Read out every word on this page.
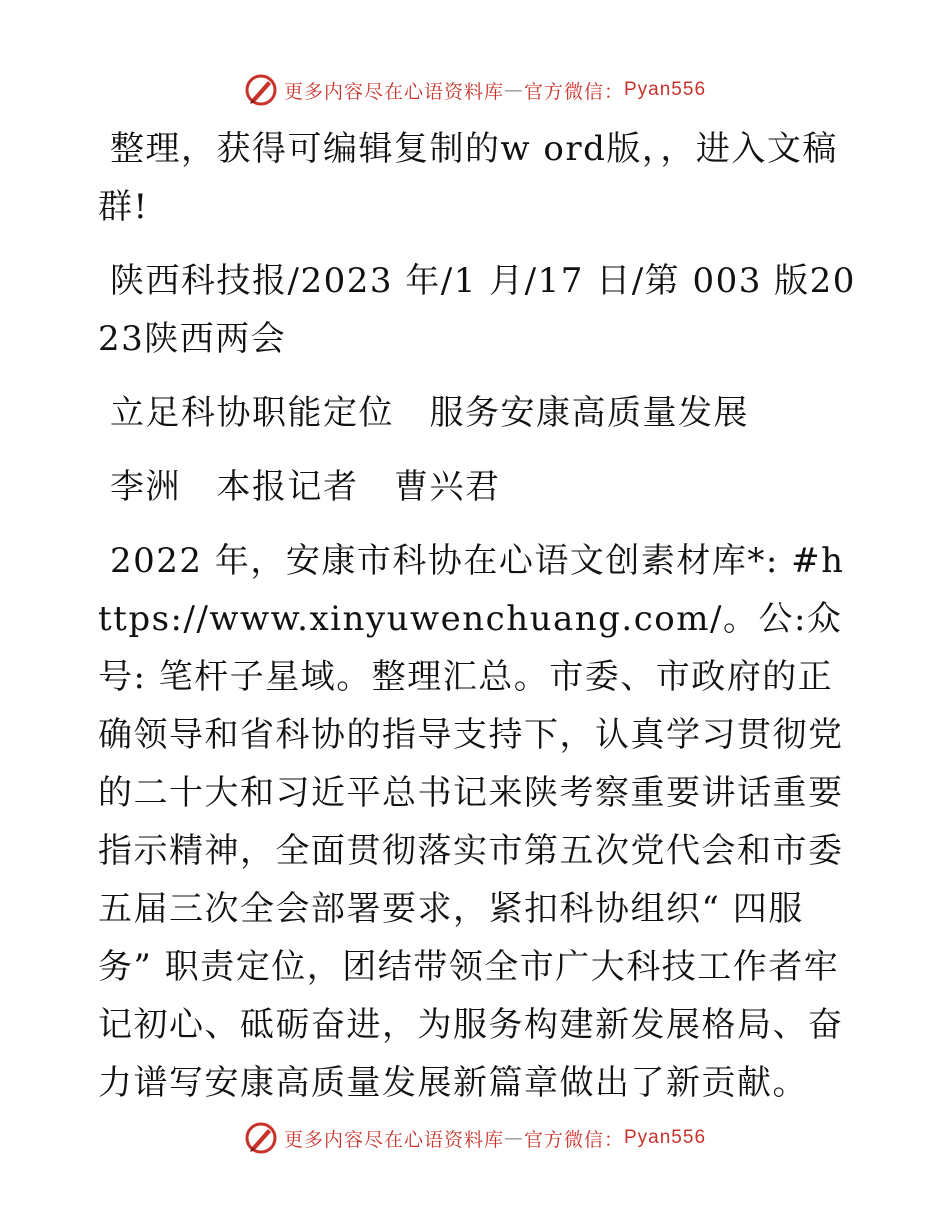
更多内容尽在心语资料库 — 官方微信： Pyan556

整理，获得可编辑复制的w ord版，，进入文稿群!

陕西科技报/2023 年/1 月/17 日/第 003 版2023陕西两会

立足科协职能定位　服务安康高质量发展

李洲　本报记者　曹兴君

2022 年，安康市科协在心语文创素材库*: #https://www.xinyuwenchuang.com/。公:众号: 笔杆子星域。整理汇总。市委、市政府的正确领导和省科协的指导支持下，认真学习贯彻党的二十大和习近平总书记来陕考察重要讲话重要指示精神，全面贯彻落实市第五次党代会和市委五届三次全会部署要求，紧扣科协组织“ 四服务” 职责定位，团结带领全市广大科技工作者牢记初心、砥砺奋进，为服务构建新发展格局、奋力谱写安康高质量发展新篇章做出了新贡献。

更多内容尽在心语资料库 — 官方微信： Pyan556
